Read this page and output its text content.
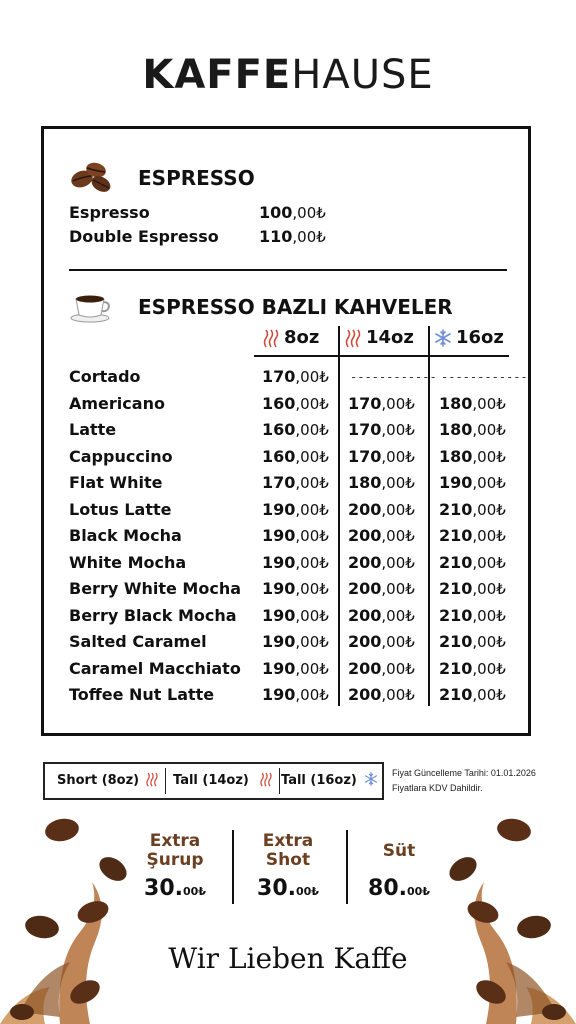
KAFFEHAUSE
ESPRESSO
Espresso	100,00₺
Double Espresso	110,00₺
ESPRESSO BAZLI KAHVELER
8oz	14oz 16oz
Cortado	170,00₺ ------------ ------------
Americano	160,00₺ 170,00₺ 180,00₺
Latte	160,00₺ 170,00₺ 180,00₺
Cappuccino	160,00₺ 170,00₺ 180,00₺
Flat White	170,00₺ 180,00₺ 190,00₺
Lotus Latte	190,00₺ 200,00₺ 210,00₺
Black Mocha	190,00₺ 200,00₺ 210,00₺
White Mocha	190,00₺ 200,00₺ 210,00₺
Berry White Mocha 190,00₺ 200,00₺ 210,00₺
Berry Black Mocha 190,00₺ 200,00₺ 210,00₺
Salted Caramel	190,00₺ 200,00₺ 210,00₺
Caramel Macchiato 190,00₺ 200,00₺ 210,00₺
Toffee Nut Latte	190,00₺ 200,00₺ 210,00₺
Short (8oz)	Tall (14oz) Tall (16oz)	Fiyat Güncelleme Tarihi: 01.01.2026
Fiyatlara KDV Dahildir.
Extra
Şurup
30.00₺
Extra
Shot
30.00₺
Süt
80.00₺
Wir Lieben Kaffe
